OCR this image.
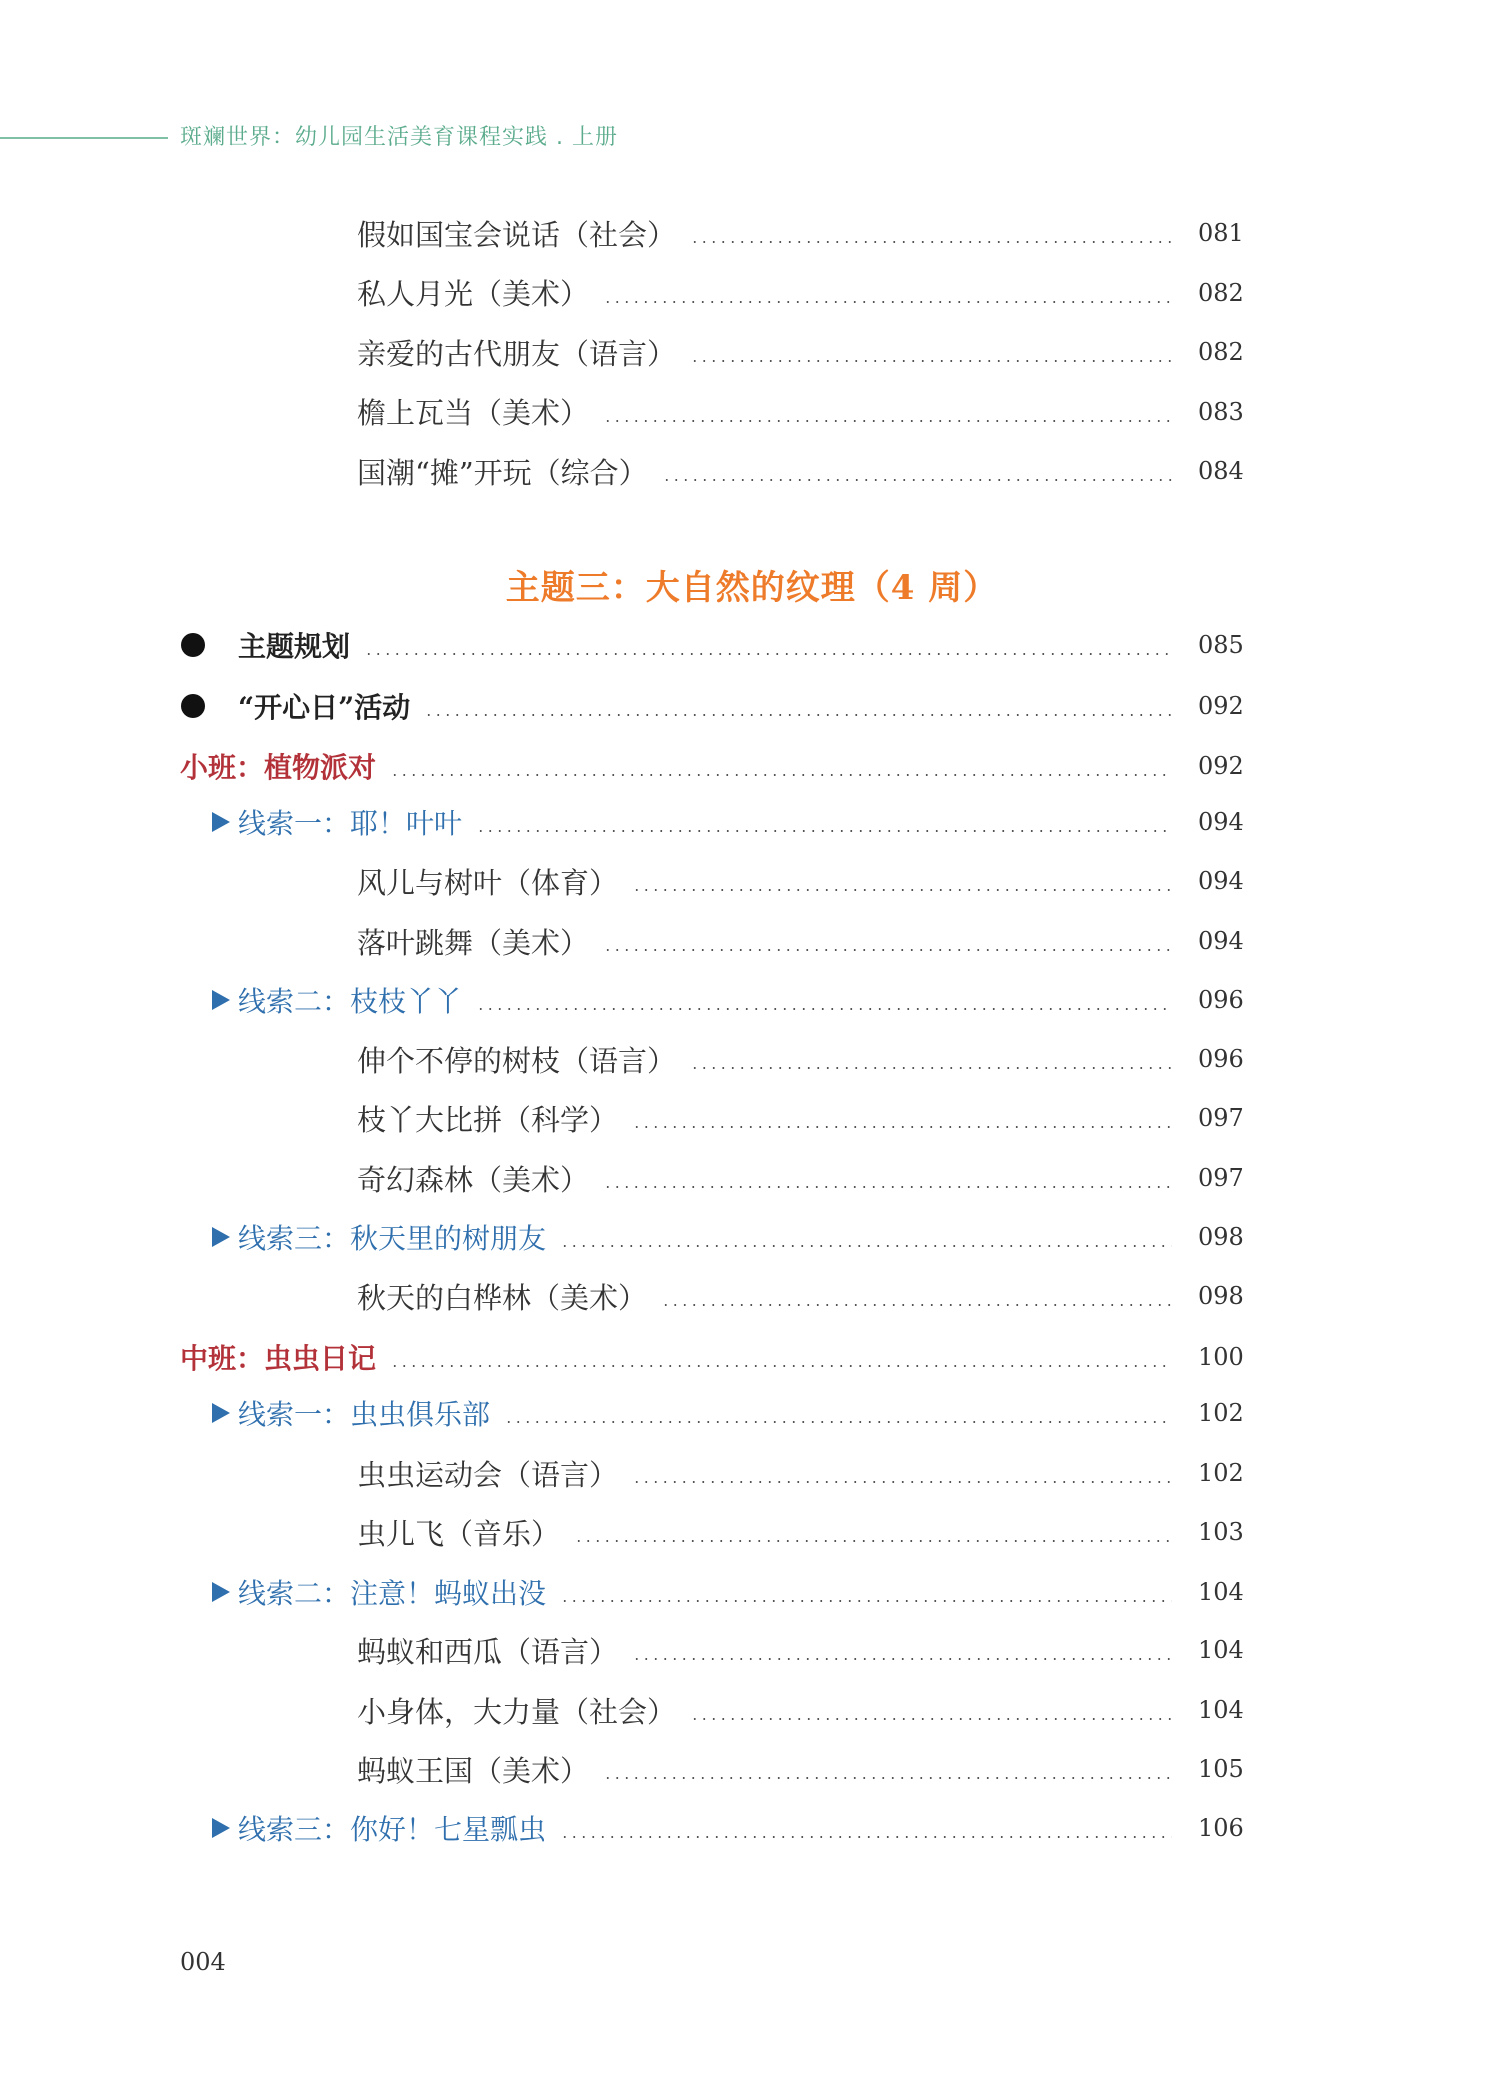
斑斓世界：幼儿园生活美育课程实践 . 上册
假如国宝会说话（社会）	081
私人月光（美术）	082
亲爱的古代朋友（语言）	082
檐上瓦当（美术）	083
国潮“摊”开玩（综合）	084
主题规划	085
“开心日”活动	092
小班：植物派对	092
线索一：耶！叶叶	094
风儿与树叶（体育）	094
落叶跳舞（美术）	094
线索二：枝枝丫丫	096
伸个不停的树枝（语言）	096
枝丫大比拼（科学）	097
奇幻森林（美术）	097
线索三：秋天里的树朋友	098
秋天的白桦林（美术）	098
中班：虫虫日记	100
线索一：虫虫俱乐部	102
虫虫运动会（语言）	102
虫儿飞（音乐）	103
线索二：注意！蚂蚁出没	104
蚂蚁和西瓜（语言）	104
小身体，大力量（社会）	104
蚂蚁王国（美术）	105
线索三：你好！七星瓢虫	106
主题三：大自然的纹理（4 周）
004
